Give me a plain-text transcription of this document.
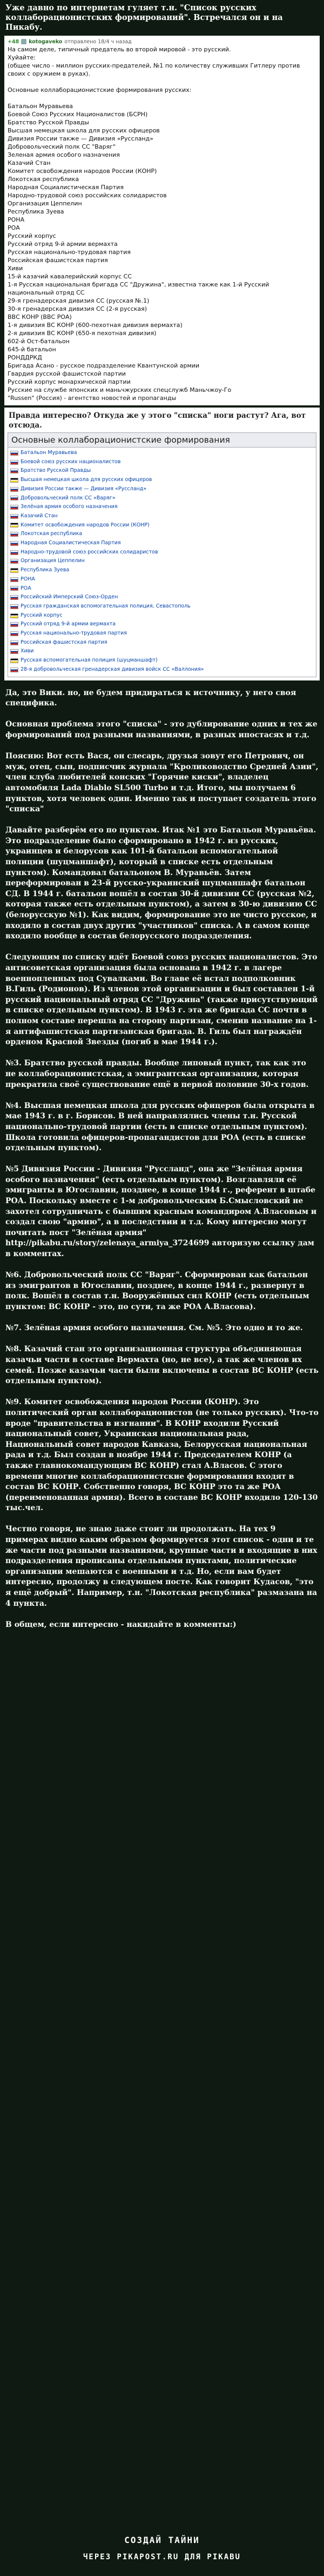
Уже давно по интернетам гуляет т.н. "Список русских коллаборационистских формирований". Встречался он и на Пикабу.
+48 kotogaveko отправлено 18/4 ч назад

На самом деле, типичный предатель во второй мировой - это русский.

Хуйайте:

(общее число - миллион русских-предателей, №1 по количеству служивших Гитлеру против своих с оружием в руках).

Основные коллаборационистские формирования русских:

Батальон Муравьева

Боевой Союз Русских Националистов (БСРН)

Братство Русской Правды

Высшая немецкая школа для русских офицеров

Дивизия России также — Дивизия «Руссланд»

Добровольческий полк СС "Варяг"

Зеленая армия особого назначения

Казачий Стан

Комитет освобождения народов России (КОНР)

Локотская республика

Народная Социалистическая Партия

Народно-трудовой союз российских солидаристов

Организация Цеппелин

Республика Зуева

РОНА

РОА

Русский корпус

Русский отряд 9-й армии вермахта

Русская национально-трудовая партия

Российская фашистская партия

Хиви

15-й казачий кавалерийский корпус СС

1-я Русская национальная бригада СС "Дружина", известна также как 1-й Русский национальный отряд СС

29-я гренадерская дивизия СС (русская №.1)

30-я гренадерская дивизия СС (2-я русская)

ВВС КОНР (ВВС РОА)

1-я дивизия ВС КОНР (600-пехотная дивизия вермахта)

2-я дивизия ВС КОНР (650-я пехотная дивизия)

602-й Ост-батальон

645-й батальон

РОНДДРКД

Бригада Асано - русское подразделение Квантунской армии

Гвардия русской фашистской партии

Русский корпус монархической партии

Русские на службе японских и маньчжурских спецслужб Маньчжоу-Го

"Russen" (Россия) - агентство новостей и пропаганды

Правда интересно? Откуда же у этого "списка" ноги растут? Ага, вот отсюда.
Основные коллаборационистские формирования
Батальон Муравьева
Боевой союз русских националистов
Братство Русской Правды
Высшая немецкая школа для русских офицеров
Дивизия России также — Дивизия «Руссланд»
Добровольческий полк СС «Варяг»
Зелёная армия особого назначения
Казачий Стан
Комитет освобождения народов России (КОНР)
Локотская республика
Народная Социалистическая Партия
Народно-трудовой союз российских солидаристов
Организация Цеппелин
Республика Зуева
РОНА
РОА
Российский Имперский Союз-Орден
Русская гражданская вспомогательная полиция, Севастополь
Русский корпус
Русский отряд 9-й армии вермахта
Русская национально-трудовая партия
Российская фашистская партия
Хиви
Русская вспомогательная полиция (шуцманшафт)
28-я добровольческая гренадерская дивизия войск СС «Валлония»

Да, это Вики. но, не будем придираться к источнику, у него своя специфика.

Основная проблема этого "списка" - это дублирование одних и тех же формирований под разными названиями, в разных ипостасях и т.д.

Поясню: Вот есть Вася, он слесарь, друзья зовут его Петрович, он муж, отец, сын, подписчик журнала "Кролиководство Средней Азии", член клуба любителей конских "Горячие киски", владелец автомобиля Lada Diablo SL500 Turbo и т.д. Итого, мы получаем 6 пунктов, хотя человек один. Именно так и поступает создатель этого "списка"

Давайте разберём его по пунктам. Итак №1 это Батальон Муравьёва. Это подразделение было сформировано в 1942 г. из русских, украинцев и белорусов как 101-й батальон вспомогательной полиции (шуцманшафт), который в списке есть отдельным пунктом). Командовал батальоном В. Муравьёв. Затем переформирован в 23-й русско-украинский шуцманшафт батальон СД. В 1944 г. батальон вошёл в состав 30-й дивизии СС (русская №2, которая также есть отдельным пунктом), а затем в 30-ю дивизию СС (белорусскую №1). Как видим, формирование это не чисто русское, и входило в состав двух других "участников" списка. А в самом конце входило вообще в состав белорусского подразделения.

Следующим по списку идёт Боевой союз русских националистов. Это антисоветская организация была основана в 1942 г. в лагере военнопленных под Сувалками. Во главе её встал подполковник В.Гиль (Родионов). Из членов этой организации и был составлен 1-й русский национальный отряд СС "Дружина" (также присутствующий в списке отдельным пунктом). В 1943 г. эта же бригада СС почти в полном составе перешла на сторону партизан, сменив название на 1-я антифашистская партизанская бригада. В. Гиль был награждён орденом Красной Звезды (погиб в мае 1944 г.).

№3. Братство русской правды. Вообще липовый пункт, так как это не коллаборационистская, а эмигрантская организация, которая прекратила своё существование ещё в первой половине 30-х годов.

№4. Высшая немецкая школа для русских офицеров была открыта в мае 1943 г. в г. Борисов. В ней направлялись члены т.н. Русской национально-трудовой партии (есть в списке отдельным пунктом). Школа готовила офицеров-пропагандистов для РОА (есть в списке отдельным пунктом).

№5 Дивизия России - Дивизия "Руссланд", она же "Зелёная армия особого назначения" (есть отдельным пунктом). Возглавляли её эмигранты в Югославии, позднее, в конце 1944 г., референт в штабе РОА. Поскольку вместе с 1-м добровольческим Б.Смысловский не захотел сотрудничать с бывшим красным командиром А.Власовым и создал свою "армию", а в последствии и т.д. Кому интересно могут почитать пост "Зелёная армия" http://pikabu.ru/story/zelenaya_armiya_3724699 авторизую ссылку дам в комментах.

№6. Добровольческий полк СС "Варяг". Сформирован как батальон из эмигрантов в Югославии, позднее, в конце 1944 г., развернут в полк. Вошёл в состав т.н. Вооружённых сил КОНР (есть отдельным пунктом: ВС КОНР - это, по сути, та же РОА А.Власова).

№7. Зелёная армия особого назначения. См. №5. Это одно и то же.

№8. Казачий стан это организационная структура объединяющая казачьи части в составе Вермахта (но, не все), а так же членов их семей. Позже казачьи части были включены в состав ВС КОНР (есть отдельным пунктом).

№9. Комитет освобождения народов России (КОНР). Это политический орган коллаборационистов (не только русских). Что-то вроде "правительства в изгнании". В КОНР входили Русский национальный совет, Украинская национальная рада, Национальный совет народов Кавказа, Белорусская национальная рада и т.д. Был создан в ноябре 1944 г. Председателем КОНР (а также главнокомандующим ВС КОНР) стал А.Власов. С этого времени многие коллаборационистские формирования входят в состав ВС КОНР. Собственно говоря, ВС КОНР это та же РОА (переименованная армия). Всего в составе ВС КОНР входило 120-130 тыс.чел.

Честно говоря, не знаю даже стоит ли продолжать. На тех 9 примерах видно каким образом формируется этот список - одни и те же части под разными названиями, крупные части и входящие в них подразделения прописаны отдельными пунктами, политические организации мешаются с военными и т.д. Но, если вам будет интересно, продолжу в следующем посте. Как говорит Кудасов, "это я ещё добрый". Например, т.н. "Локотская республика" размазана на 4 пункта.

В общем, если интересно - накидайте в комменты:)

СОЗДАЙ ТАЙНИ
ЧЕРЕЗ PIKAPOST.RU ДЛЯ PIKABU
